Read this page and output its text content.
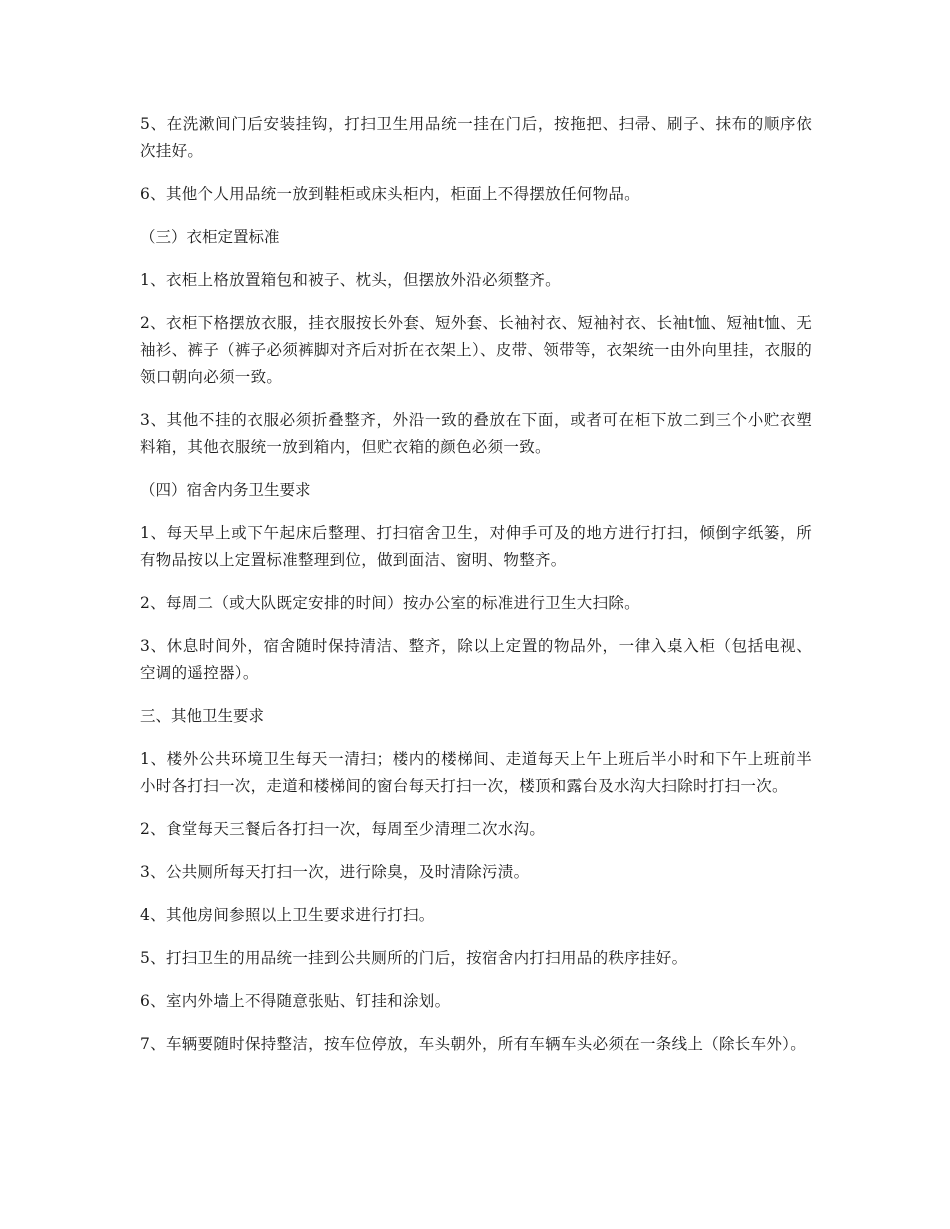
5、在洗漱间门后安装挂钩，打扫卫生用品统一挂在门后，按拖把、扫帚、刷子、抹布的顺序依次挂好。

6、其他个人用品统一放到鞋柜或床头柜内，柜面上不得摆放任何物品。

（三）衣柜定置标准

1、衣柜上格放置箱包和被子、枕头，但摆放外沿必须整齐。

2、衣柜下格摆放衣服，挂衣服按长外套、短外套、长袖衬衣、短袖衬衣、长袖t恤、短袖t恤、无袖衫、裤子（裤子必须裤脚对齐后对折在衣架上）、皮带、领带等，衣架统一由外向里挂，衣服的领口朝向必须一致。

3、其他不挂的衣服必须折叠整齐，外沿一致的叠放在下面，或者可在柜下放二到三个小贮衣塑料箱，其他衣服统一放到箱内，但贮衣箱的颜色必须一致。

（四）宿舍内务卫生要求

1、每天早上或下午起床后整理、打扫宿舍卫生，对伸手可及的地方进行打扫，倾倒字纸篓，所有物品按以上定置标准整理到位，做到面洁、窗明、物整齐。

2、每周二（或大队既定安排的时间）按办公室的标准进行卫生大扫除。

3、休息时间外，宿舍随时保持清洁、整齐，除以上定置的物品外，一律入桌入柜（包括电视、空调的遥控器）。

三、其他卫生要求

1、楼外公共环境卫生每天一清扫；楼内的楼梯间、走道每天上午上班后半小时和下午上班前半小时各打扫一次，走道和楼梯间的窗台每天打扫一次，楼顶和露台及水沟大扫除时打扫一次。

2、食堂每天三餐后各打扫一次，每周至少清理二次水沟。

3、公共厕所每天打扫一次，进行除臭，及时清除污渍。

4、其他房间参照以上卫生要求进行打扫。

5、打扫卫生的用品统一挂到公共厕所的门后，按宿舍内打扫用品的秩序挂好。

6、室内外墙上不得随意张贴、钉挂和涂划。

7、车辆要随时保持整洁，按车位停放，车头朝外，所有车辆车头必须在一条线上（除长车外）。
